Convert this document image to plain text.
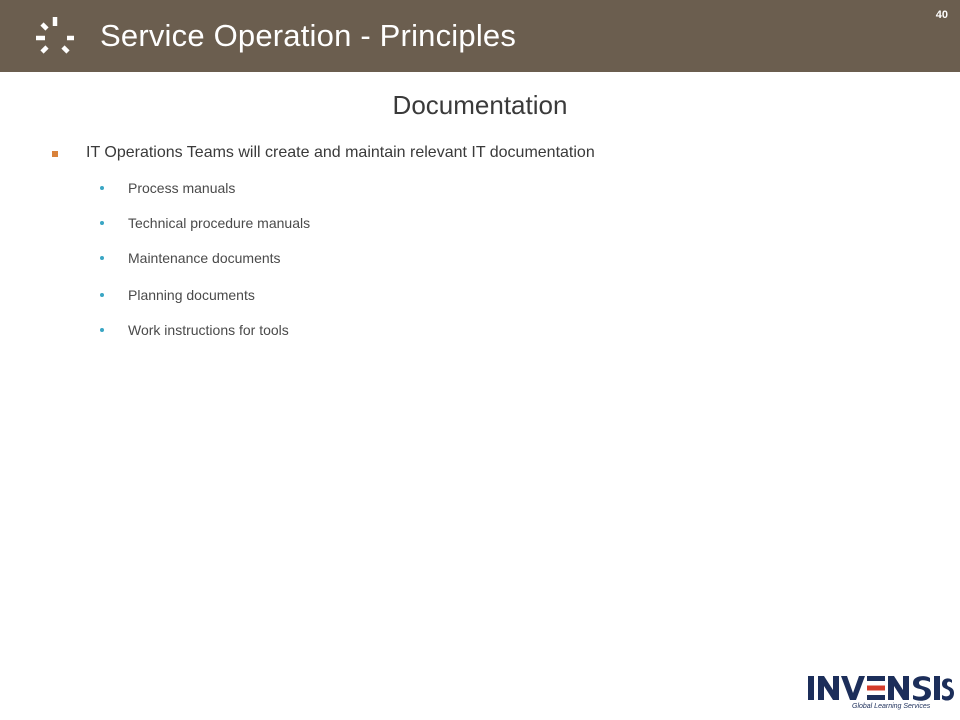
Service Operation - Principles
40
Documentation
IT Operations Teams will create and maintain relevant IT documentation
Process manuals
Technical procedure manuals
Maintenance documents
Planning documents
Work instructions for tools
Global Learning Services
